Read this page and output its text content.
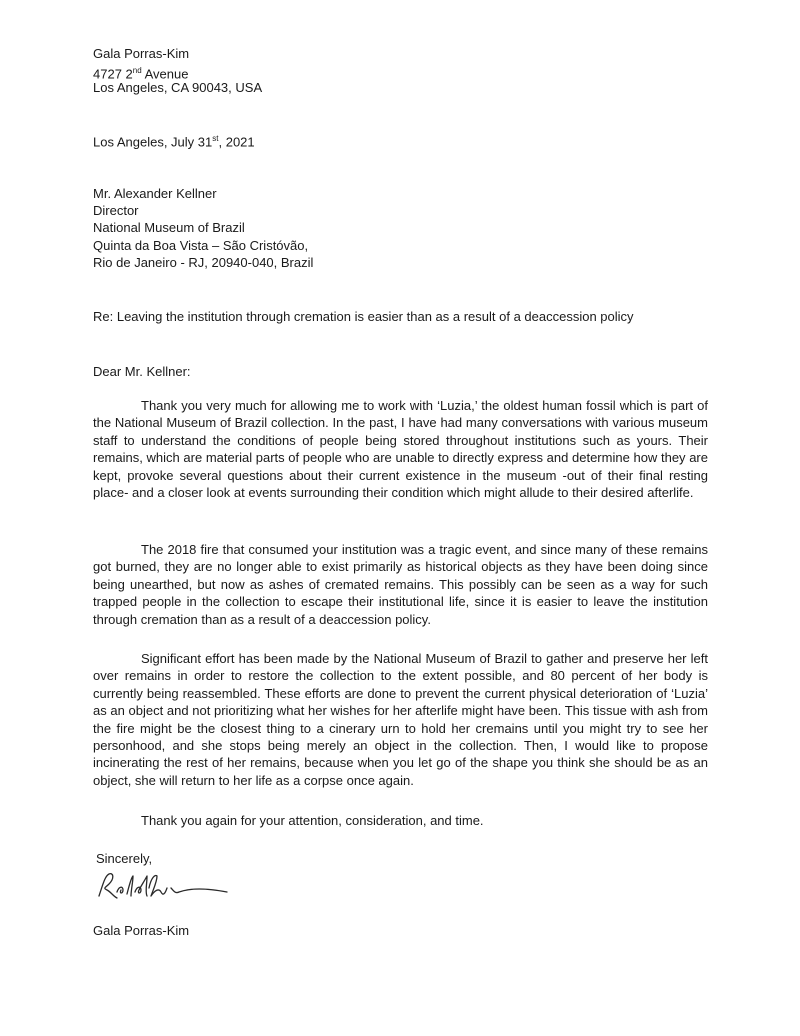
Gala Porras-Kim
4727 2nd Avenue
Los Angeles, CA 90043, USA
Los Angeles, July 31st, 2021
Mr. Alexander Kellner
Director
National Museum of Brazil
Quinta da Boa Vista – São Cristóvão,
Rio de Janeiro - RJ, 20940-040, Brazil
Re: Leaving the institution through cremation is easier than as a result of a deaccession policy
Dear Mr. Kellner:

Thank you very much for allowing me to work with ‘Luzia,’ the oldest human fossil which is part of the National Museum of Brazil collection. In the past, I have had many conversations with various museum staff to understand the conditions of people being stored throughout institutions such as yours. Their remains, which are material parts of people who are unable to directly express and determine how they are kept, provoke several questions about their current existence in the museum -out of their final resting place- and a closer look at events surrounding their condition which might allude to their desired afterlife.

The 2018 fire that consumed your institution was a tragic event, and since many of these remains got burned, they are no longer able to exist primarily as historical objects as they have been doing since being unearthed, but now as ashes of cremated remains. This possibly can be seen as a way for such trapped people in the collection to escape their institutional life, since it is easier to leave the institution through cremation than as a result of a deaccession policy.

Significant effort has been made by the National Museum of Brazil to gather and preserve her left over remains in order to restore the collection to the extent possible, and 80 percent of her body is currently being reassembled. These efforts are done to prevent the current physical deterioration of ‘Luzia’ as an object and not prioritizing what her wishes for her afterlife might have been. This tissue with ash from the fire might be the closest thing to a cinerary urn to hold her cremains until you might try to see her personhood, and she stops being merely an object in the collection. Then, I would like to propose incinerating the rest of her remains, because when you let go of the shape you think she should be as an object, she will return to her life as a corpse once again.

Thank you again for your attention, consideration, and time.

Sincerely,
Gala Porras-Kim
